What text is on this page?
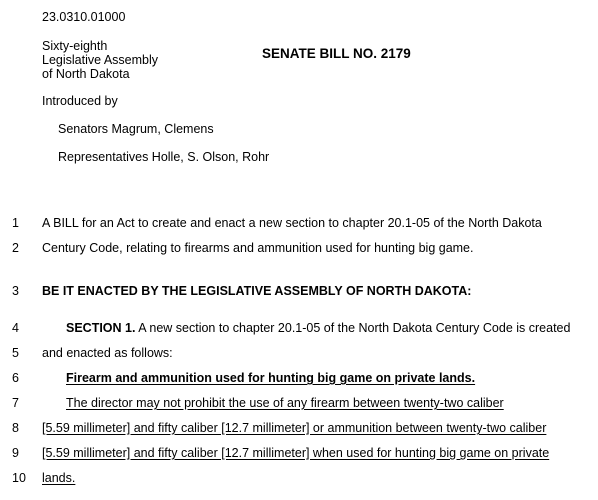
23.0310.01000
Sixty-eighth
Legislative Assembly
of North Dakota
SENATE BILL NO. 2179
Introduced by
Senators Magrum, Clemens
Representatives Holle, S. Olson, Rohr
1	A BILL for an Act to create and enact a new section to chapter 20.1-05 of the North Dakota
2	Century Code, relating to firearms and ammunition used for hunting big game.
3	BE IT ENACTED BY THE LEGISLATIVE ASSEMBLY OF NORTH DAKOTA:
4	SECTION 1. A new section to chapter 20.1-05 of the North Dakota Century Code is created
5	and enacted as follows:
6	Firearm and ammunition used for hunting big game on private lands.
7	The director may not prohibit the use of any firearm between twenty-two caliber
8	[5.59 millimeter] and fifty caliber [12.7 millimeter] or ammunition between twenty-two caliber
9	[5.59 millimeter] and fifty caliber [12.7 millimeter] when used for hunting big game on private
10 lands.
